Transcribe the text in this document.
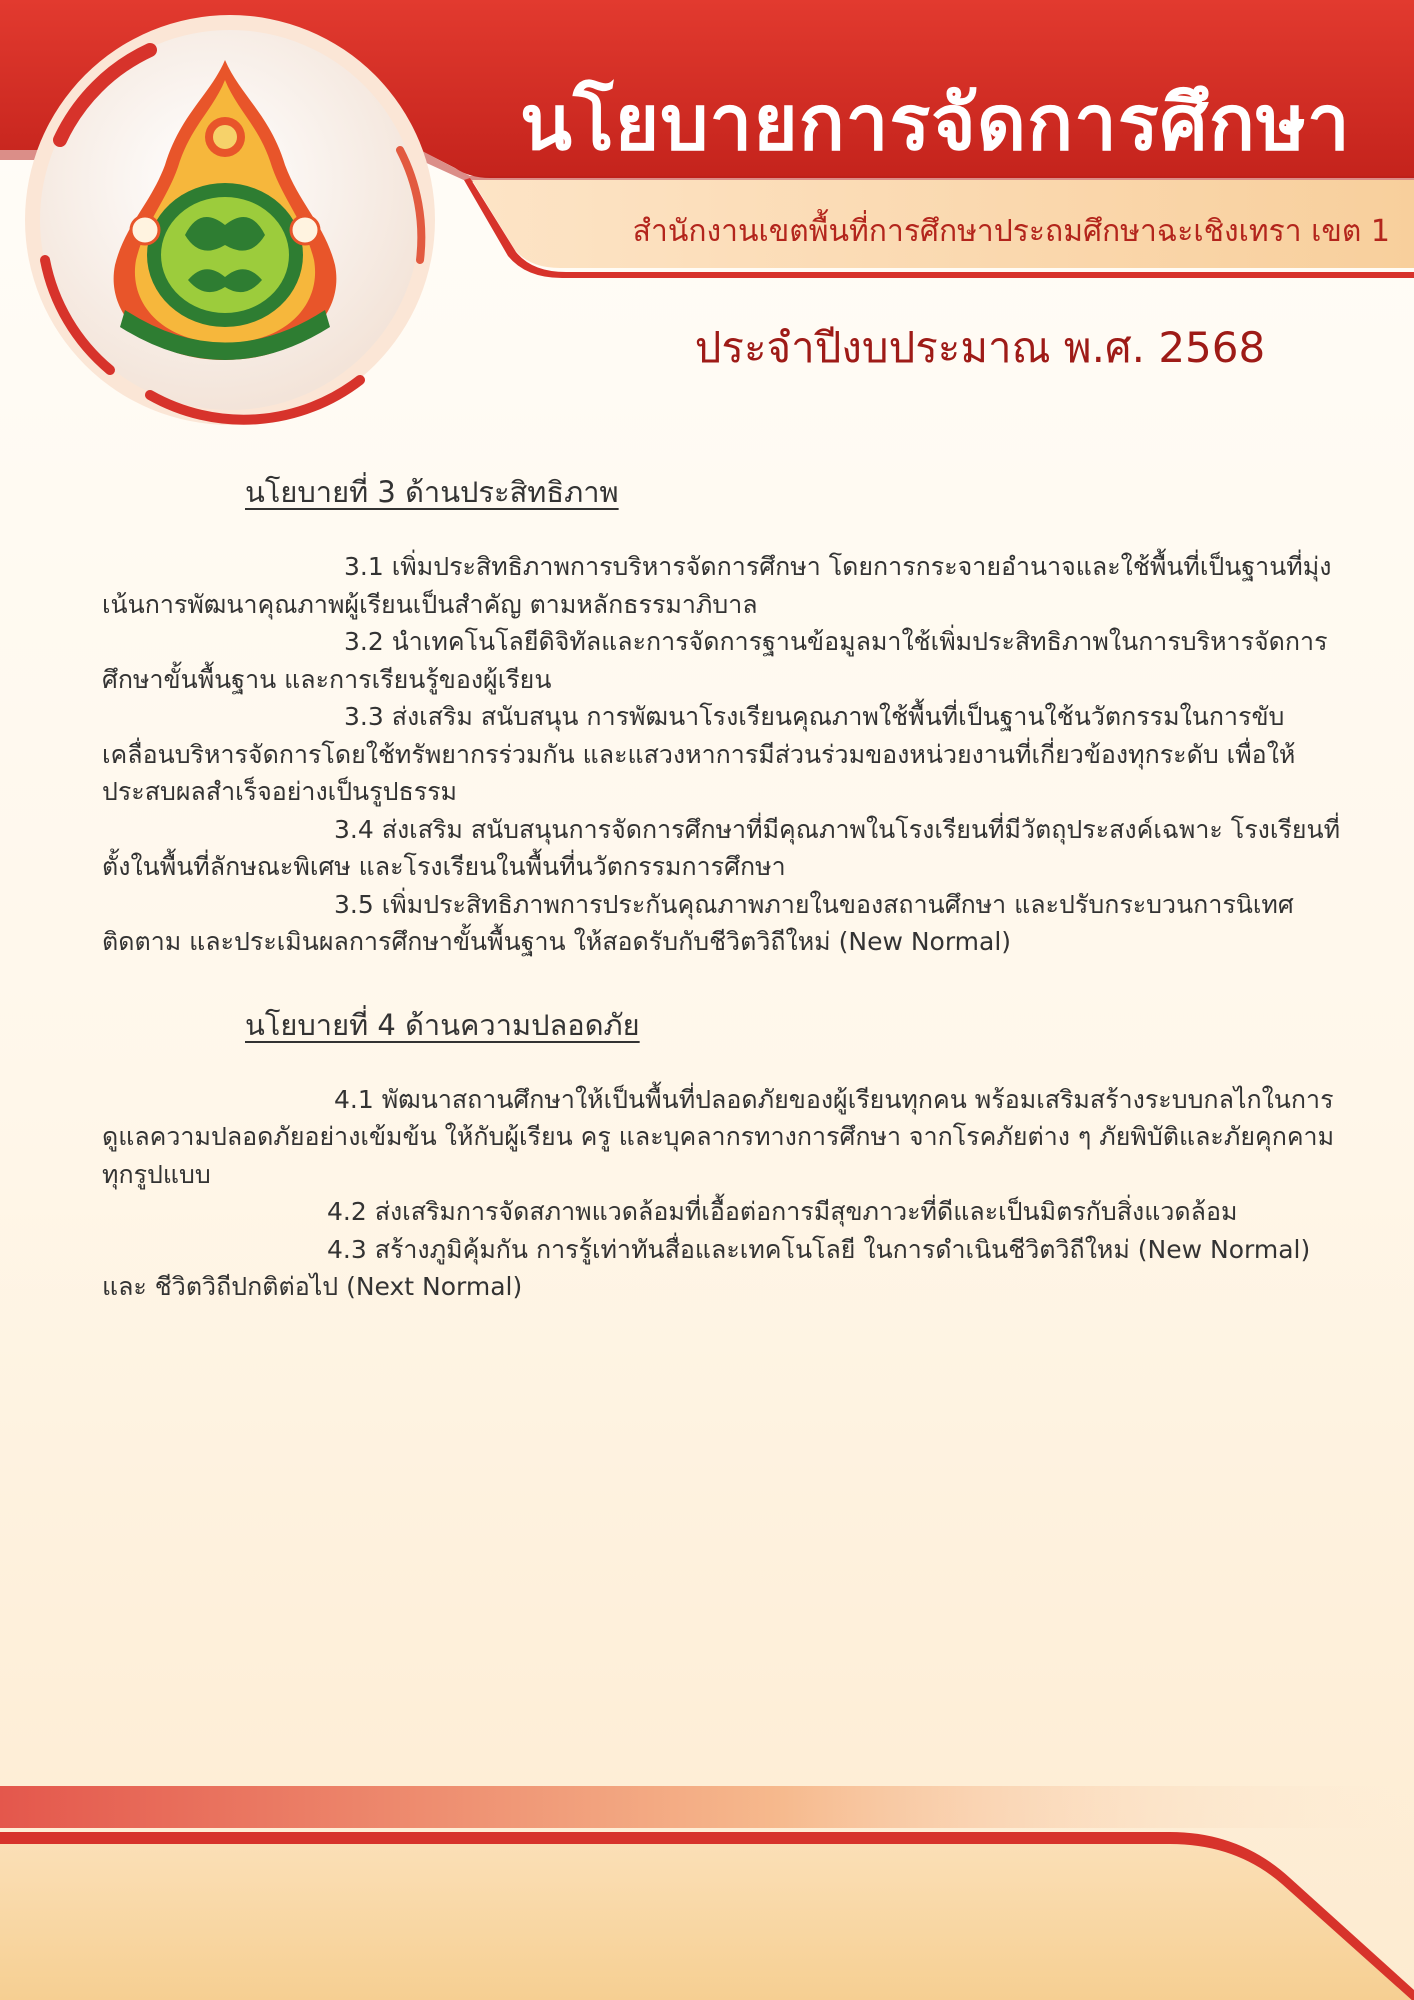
นโยบายการจัดการศึกษา
สำนักงานเขตพื้นที่การศึกษาประถมศึกษาฉะเชิงเทรา เขต 1
ประจำปีงบประมาณ พ.ศ. 2568
นโยบายที่ 3 ด้านประสิทธิภาพ

3.1 เพิ่มประสิทธิภาพการบริหารจัดการศึกษา โดยการกระจายอำนาจและใช้พื้นที่เป็นฐานที่มุ่งเน้นการพัฒนาคุณภาพผู้เรียนเป็นสำคัญ ตามหลักธรรมาภิบาล

3.2 นำเทคโนโลยีดิจิทัลและการจัดการฐานข้อมูลมาใช้เพิ่มประสิทธิภาพในการบริหารจัดการศึกษาขั้นพื้นฐาน และการเรียนรู้ของผู้เรียน

3.3 ส่งเสริม สนับสนุน การพัฒนาโรงเรียนคุณภาพใช้พื้นที่เป็นฐานใช้นวัตกรรมในการขับเคลื่อนบริหารจัดการโดยใช้ทรัพยากรร่วมกัน และแสวงหาการมีส่วนร่วมของหน่วยงานที่เกี่ยวข้องทุกระดับ เพื่อให้ประสบผลสำเร็จอย่างเป็นรูปธรรม

3.4 ส่งเสริม สนับสนุนการจัดการศึกษาที่มีคุณภาพในโรงเรียนที่มีวัตถุประสงค์เฉพาะ โรงเรียนที่ตั้งในพื้นที่ลักษณะพิเศษ และโรงเรียนในพื้นที่นวัตกรรมการศึกษา

3.5 เพิ่มประสิทธิภาพการประกันคุณภาพภายในของสถานศึกษา และปรับกระบวนการนิเทศ ติดตาม และประเมินผลการศึกษาขั้นพื้นฐาน ให้สอดรับกับชีวิตวิถีใหม่ (New Normal)

นโยบายที่ 4 ด้านความปลอดภัย

4.1 พัฒนาสถานศึกษาให้เป็นพื้นที่ปลอดภัยของผู้เรียนทุกคน พร้อมเสริมสร้างระบบกลไกในการดูแลความปลอดภัยอย่างเข้มข้น ให้กับผู้เรียน ครู และบุคลากรทางการศึกษา จากโรคภัยต่าง ๆ ภัยพิบัติและภัยคุกคามทุกรูปแบบ

4.2 ส่งเสริมการจัดสภาพแวดล้อมที่เอื้อต่อการมีสุขภาวะที่ดีและเป็นมิตรกับสิ่งแวดล้อม

4.3 สร้างภูมิคุ้มกัน การรู้เท่าทันสื่อและเทคโนโลยี ในการดำเนินชีวิตวิถีใหม่ (New Normal) และ ชีวิตวิถีปกติต่อไป (Next Normal)
